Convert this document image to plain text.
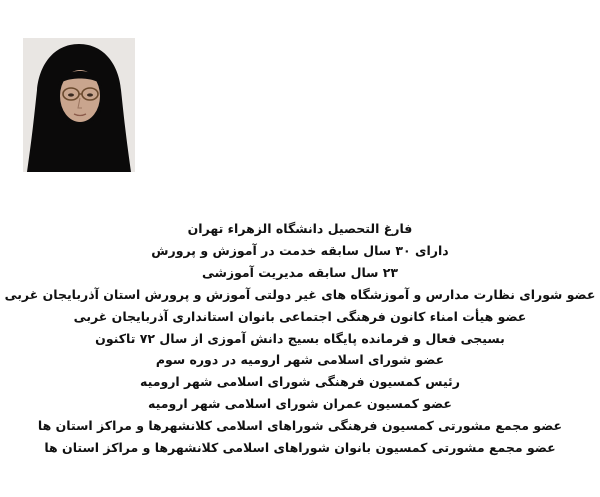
فارغ التحصیل دانشگاه الزهراء تهران
دارای ۳۰ سال سابقه خدمت در آموزش و پرورش
۲۳ سال سابقه مدیریت آموزشی
عضو شورای نظارت مدارس و آموزشگاه های غیر دولتی آموزش و پرورش استان آذربایجان غربی
عضو هیأت امناء کانون فرهنگی اجتماعی بانوان استانداری آذربایجان غربی
بسیجی فعال و فرمانده پایگاه بسیج دانش آموزی از سال ۷۲ تاکنون
عضو شورای اسلامی شهر ارومیه در دوره سوم
رئیس کمسیون فرهنگی شورای اسلامی شهر ارومیه
عضو کمسیون عمران شورای اسلامی شهر ارومیه
عضو مجمع مشورتی کمسیون فرهنگی شوراهای اسلامی کلانشهرها و مراکز استان ها
عضو مجمع مشورتی کمسیون بانوان شوراهای اسلامی کلانشهرها و مراکز استان ها
